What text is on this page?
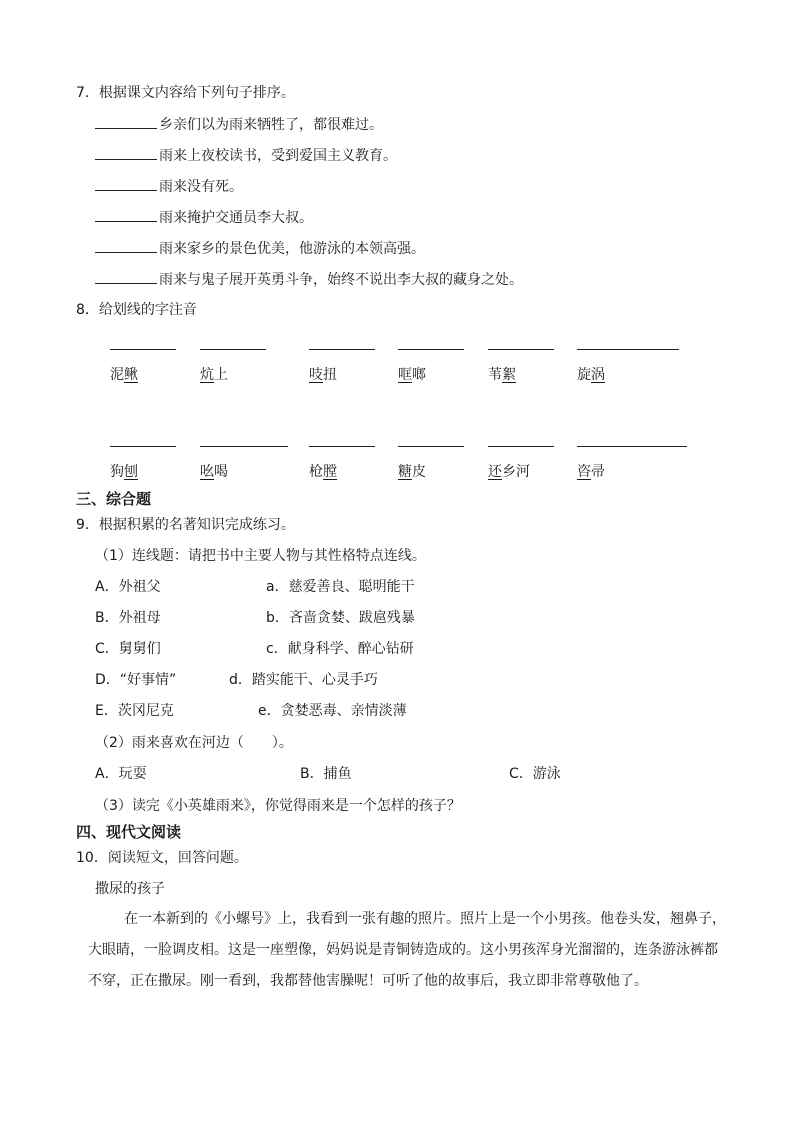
7．根据课文内容给下列句子排序。
乡亲们以为雨来牺牲了，都很难过。
雨来上夜校读书，受到爱国主义教育。
雨来没有死。
雨来掩护交通员李大叔。
雨来家乡的景色优美，他游泳的本领高强。
雨来与鬼子展开英勇斗争，始终不说出李大叔的藏身之处。
8．给划线的字注音
泥鳅	炕上	吱扭	哐啷	苇絮	旋涡
狗刨	吆喝	枪膛	糖皮	还乡河	咨帚
三、综合题
9．根据积累的名著知识完成练习。
（1）连线题：请把书中主要人物与其性格特点连线。
A．外祖父	a．慈爱善良、聪明能干
B．外祖母	b．吝啬贪婪、跋扈残暴
C．舅舅们	c．献身科学、醉心钻研
D．“好事情”	d．踏实能干、心灵手巧
E．茨冈尼克	e．贪婪恶毒、亲情淡薄
（2）雨来喜欢在河边（　　）。
A．玩耍	B．捕鱼	C．游泳
（3）读完《小英雄雨来》，你觉得雨来是一个怎样的孩子？
四、现代文阅读
10．阅读短文，回答问题。
撒尿的孩子
在一本新到的《小螺号》上，我看到一张有趣的照片。照片上是一个小男孩。他卷头发，翘鼻子，大眼睛，一脸调皮相。这是一座塑像，妈妈说是青铜铸造成的。这小男孩浑身光溜溜的，连条游泳裤都不穿，正在撒尿。刚一看到，我都替他害臊呢！可听了他的故事后，我立即非常尊敬他了。
